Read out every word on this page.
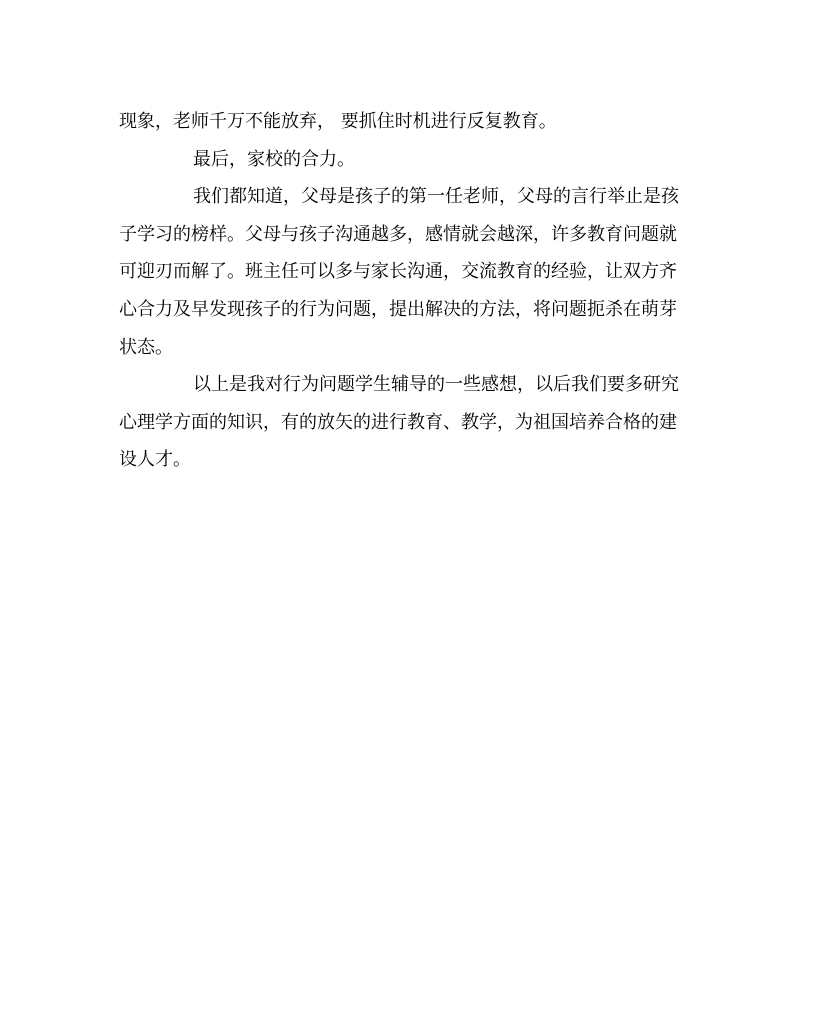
现象，老师千万不能放弃， 要抓住时机进行反复教育。

最后，家校的合力。

我们都知道，父母是孩子的第一任老师，父母的言行举止是孩

子学习的榜样。父母与孩子沟通越多，感情就会越深，许多教育问题就

可迎刃而解了。班主任可以多与家长沟通，交流教育的经验，让双方齐

心合力及早发现孩子的行为问题，提出解决的方法，将问题扼杀在萌芽

状态。

以上是我对行为问题学生辅导的一些感想，以后我们要多研究

心理学方面的知识，有的放矢的进行教育、教学，为祖国培养合格的建

设人才。
